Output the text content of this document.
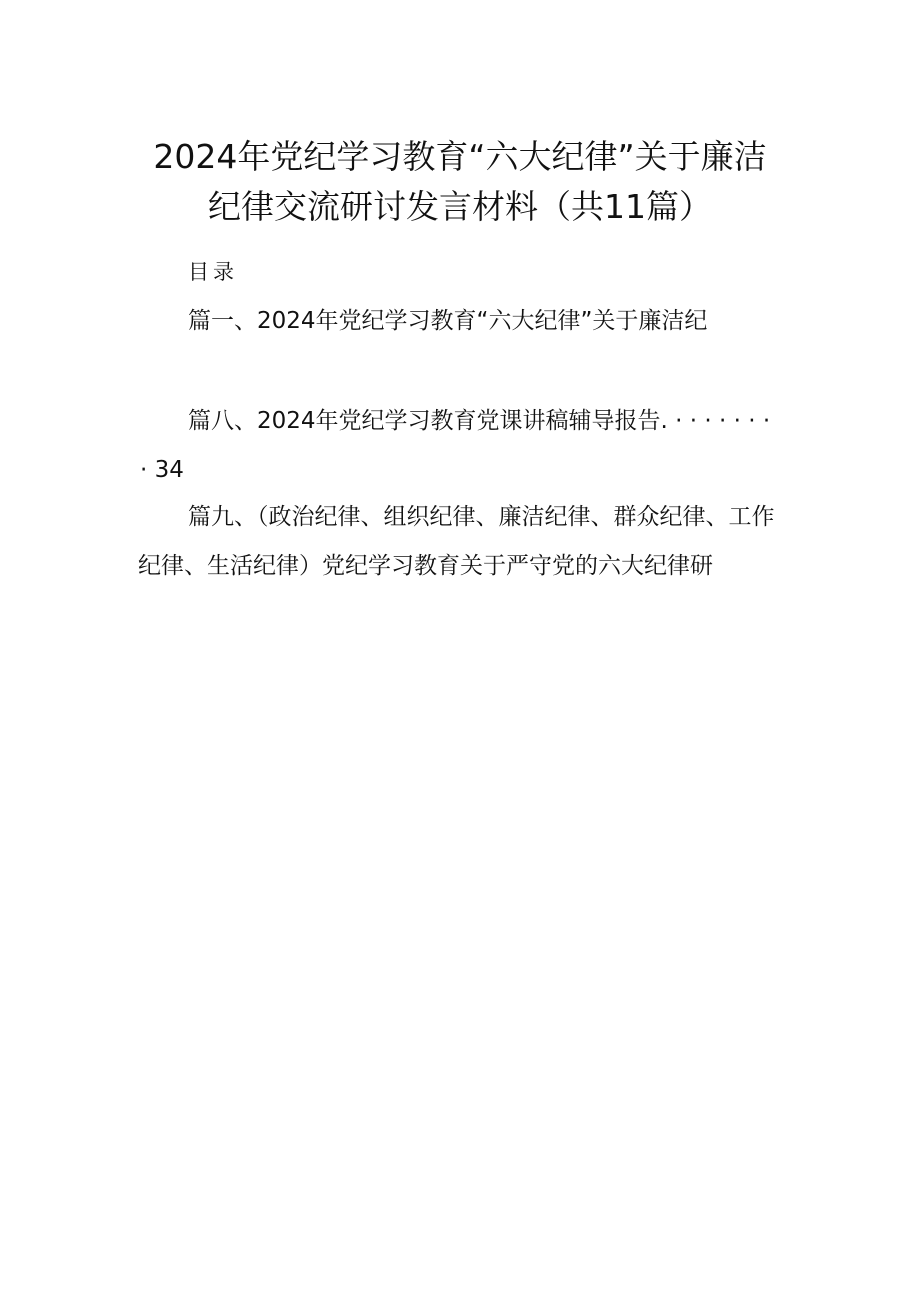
2024年党纪学习教育“六大纪律”关于廉洁
纪律交流研讨发言材料（共11篇）
目录
篇一、2024年党纪学习教育“六大纪律”关于廉洁纪
篇八、2024年党纪学习教育党课讲稿辅导报告. · · · · · · ·
· 34
篇九、（政治纪律、组织纪律、廉洁纪律、群众纪律、工作
纪律、生活纪律）党纪学习教育关于严守党的六大纪律研
